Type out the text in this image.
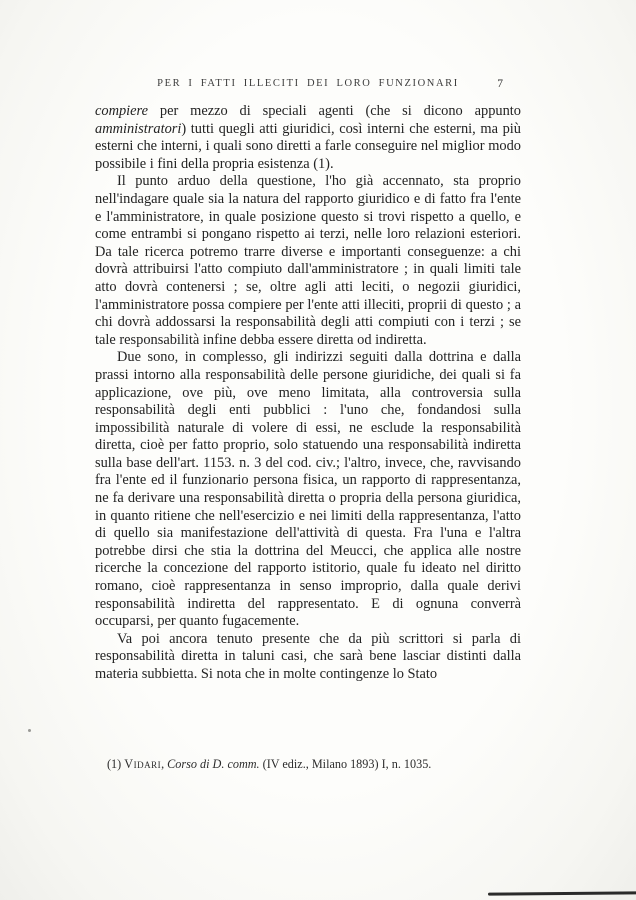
PER I FATTI ILLECITI DEI LORO FUNZIONARI	7

compiere per mezzo di speciali agenti (che si dicono appunto amministratori) tutti quegli atti giuridici, così interni che esterni, ma più esterni che interni, i quali sono diretti a farle conseguire nel miglior modo possibile i fini della propria esistenza (1).

Il punto arduo della questione, l'ho già accennato, sta proprio nell'indagare quale sia la natura del rapporto giuridico e di fatto fra l'ente e l'amministratore, in quale posizione questo si trovi rispetto a quello, e come entrambi si pongano rispetto ai terzi, nelle loro relazioni esteriori. Da tale ricerca potremo trarre diverse e importanti conseguenze: a chi dovrà attribuirsi l'atto compiuto dall'amministratore ; in quali limiti tale atto dovrà contenersi ; se, oltre agli atti leciti, o negozii giuridici, l'amministratore possa compiere per l'ente atti illeciti, proprii di questo ; a chi dovrà addossarsi la responsabilità degli atti compiuti con i terzi ; se tale responsabilità infine debba essere diretta od indiretta.

Due sono, in complesso, gli indirizzi seguiti dalla dottrina e dalla prassi intorno alla responsabilità delle persone giuridiche, dei quali si fa applicazione, ove più, ove meno limitata, alla controversia sulla responsabilità degli enti pubblici : l'uno che, fondandosi sulla impossibilità naturale di volere di essi, ne esclude la responsabilità diretta, cioè per fatto proprio, solo statuendo una responsabilità indiretta sulla base dell'art. 1153. n. 3 del cod. civ.; l'altro, invece, che, ravvisando fra l'ente ed il funzionario persona fisica, un rapporto di rappresentanza, ne fa derivare una responsabilità diretta o propria della persona giuridica, in quanto ritiene che nell'esercizio e nei limiti della rappresentanza, l'atto di quello sia manifestazione dell'attività di questa. Fra l'una e l'altra potrebbe dirsi che stia la dottrina del Meucci, che applica alle nostre ricerche la concezione del rapporto istitorio, quale fu ideato nel diritto romano, cioè rappresentanza in senso improprio, dalla quale derivi responsabilità indiretta del rappresentato. E di ognuna converrà occuparsi, per quanto fugacemente.

Va poi ancora tenuto presente che da più scrittori si parla di responsabilità diretta in taluni casi, che sarà bene lasciar distinti dalla materia subbietta. Si nota che in molte contingenze lo Stato

(1) Vidari, Corso di D. comm. (IV ediz., Milano 1893) I, n. 1035.
